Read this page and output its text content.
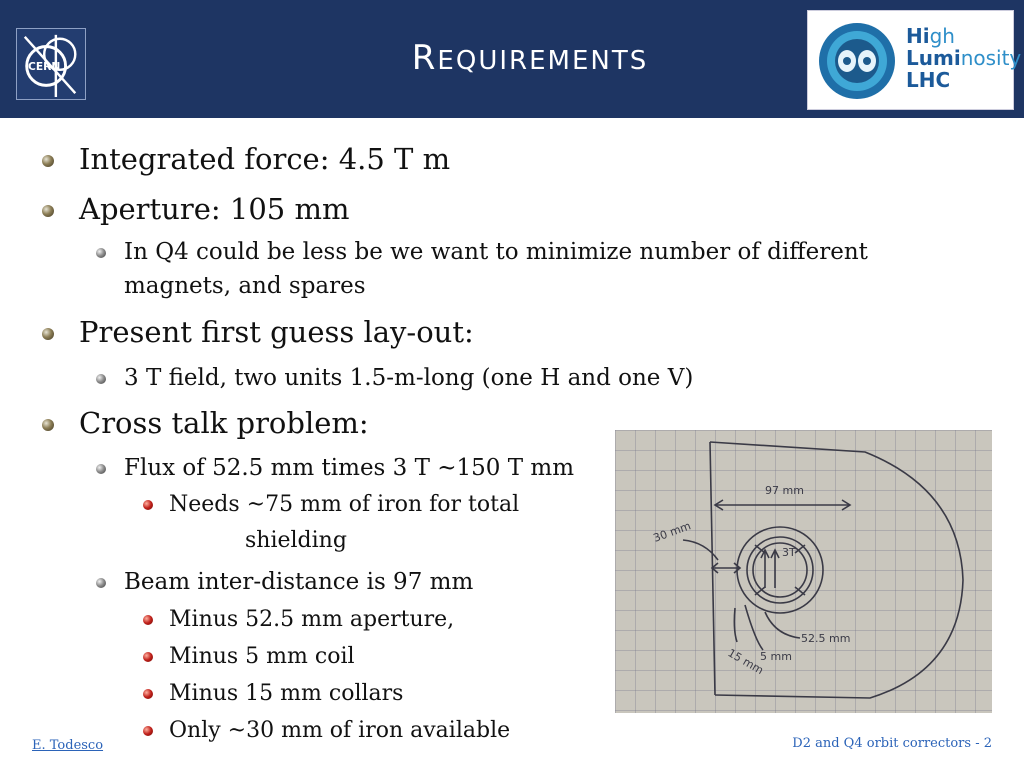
CERN	REQUIREMENTS
High
Luminosity
LHC
Integrated force: 4.5 T m
Aperture: 105 mm
In Q4 could be less be we want to minimize number of different
magnets, and spares
Present first guess lay-out:
3 T field, two units 1.5-m-long (one H and one V)
Cross talk problem:
Flux of 52.5 mm times 3 T ~150 T mm
Needs ~75 mm of iron for total
shielding
Beam inter-distance is 97 mm
Minus 52.5 mm aperture,
Minus 5 mm coil
Minus 15 mm collars
Only ~30 mm of iron available
97 mm
30 mm
3T
52.5 mm
5 mm
15 mm
E. Todesco	D2 and Q4 orbit correctors - 2
